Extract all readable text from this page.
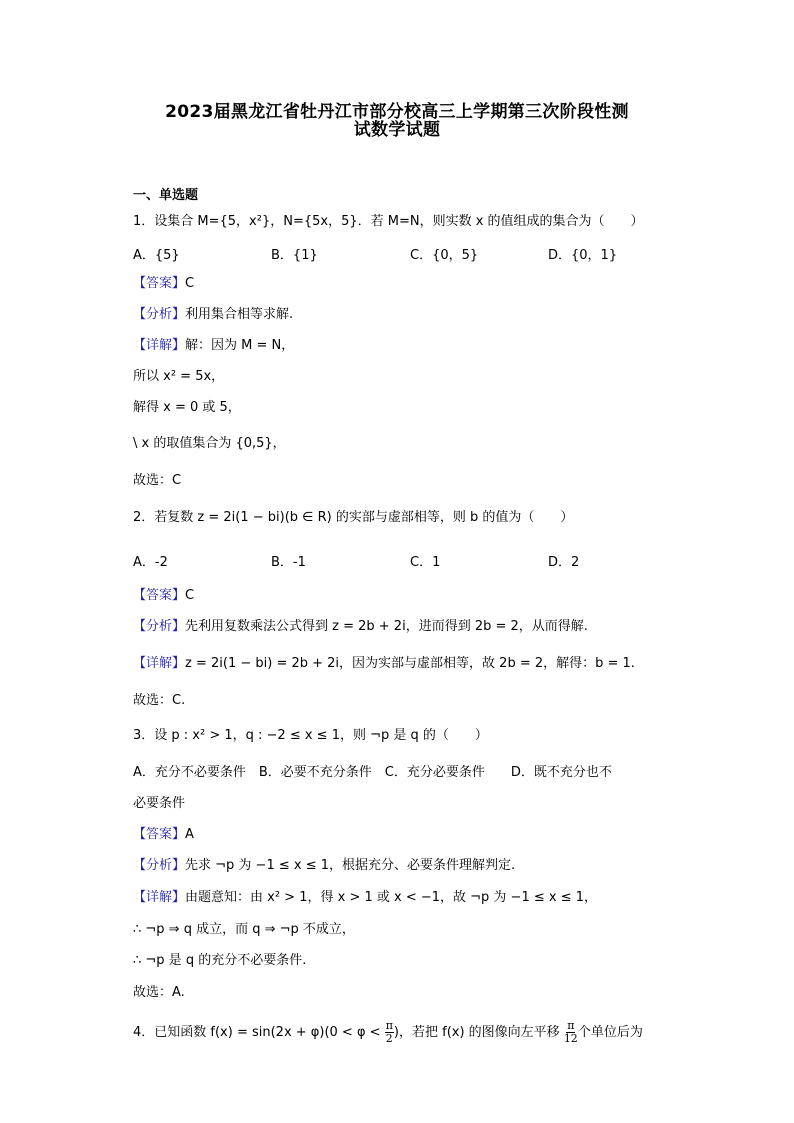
2023届黑龙江省牡丹江市部分校高三上学期第三次阶段性测
试数学试题
一、单选题
1．设集合 M={5，x²}，N={5x，5}．若 M=N，则实数 x 的值组成的集合为（　　）
A．{5}	B．{1}	C．{0，5}	D．{0，1}
【答案】C
【分析】利用集合相等求解.
【详解】解：因为 M = N，
所以 x² = 5x，
解得 x = 0 或 5，
\ x 的取值集合为 {0,5}，
故选：C
2．若复数 z = 2i(1 − bi)(b ∈ R) 的实部与虚部相等，则 b 的值为（　　）
A．-2	B．-1	C．1	D．2
【答案】C
【分析】先利用复数乘法公式得到 z = 2b + 2i，进而得到 2b = 2，从而得解.
【详解】z = 2i(1 − bi) = 2b + 2i，因为实部与虚部相等，故 2b = 2，解得：b = 1.
故选：C.
3．设 p : x² > 1，q : −2 ≤ x ≤ 1，则 ¬p 是 q 的（　　）
A．充分不必要条件　B．必要不充分条件　C．充分必要条件　　D．既不充分也不
必要条件
【答案】A
【分析】先求 ¬p 为 −1 ≤ x ≤ 1，根据充分、必要条件理解判定.
【详解】由题意知：由 x² > 1，得 x > 1 或 x < −1，故 ¬p 为 −1 ≤ x ≤ 1，
∴ ¬p ⇒ q 成立，而 q ⇒ ¬p 不成立，
∴ ¬p 是 q 的充分不必要条件.
故选：A.
4．已知函数 $f(x) = \sin(2x + \varphi)(0 < \varphi < \frac{\pi}{2}$ )，若把 f(x) 的图像向左平移 $\frac{\pi}{12}$ 个单位后为
